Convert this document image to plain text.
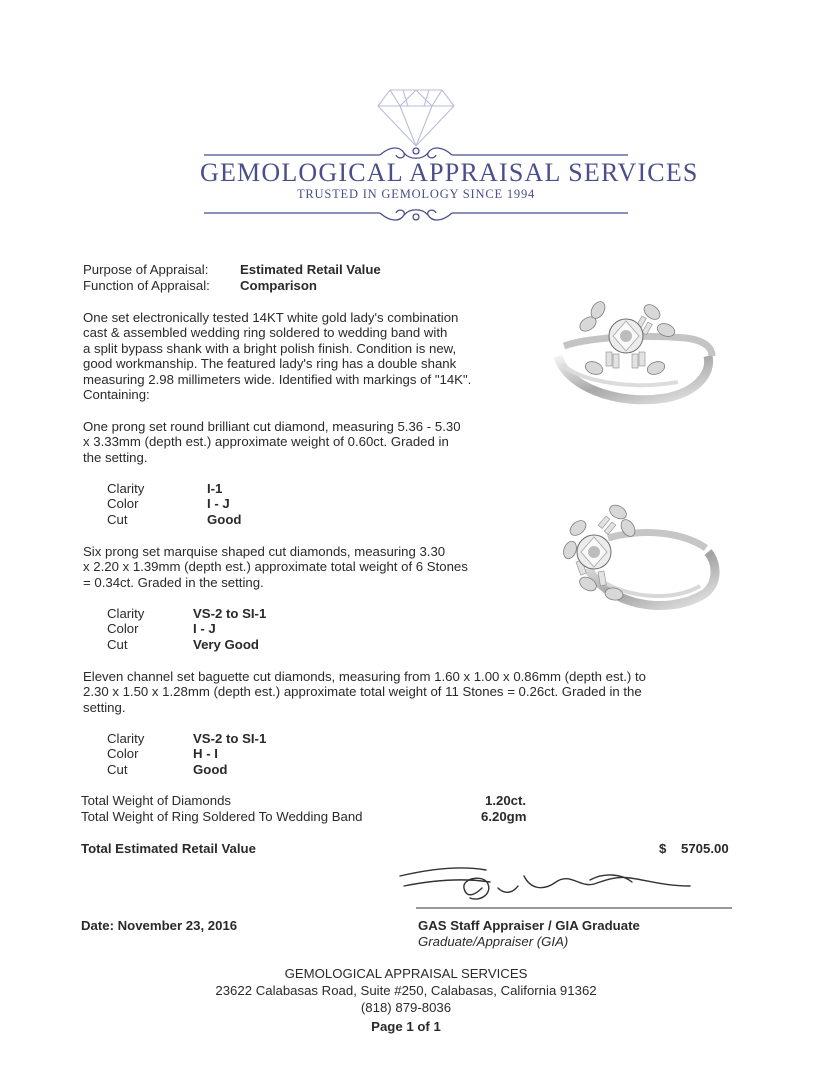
GEMOLOGICAL APPRAISAL SERVICES
TRUSTED IN GEMOLOGY SINCE 1994
Purpose of Appraisal: Estimated Retail Value
Function of Appraisal: Comparison
One set electronically tested 14KT white gold lady's combination
cast & assembled wedding ring soldered to wedding band with
a split bypass shank with a bright polish finish. Condition is new,
good workmanship. The featured lady's ring has a double shank
measuring 2.98 millimeters wide. Identified with markings of "14K".
Containing:
One prong set round brilliant cut diamond, measuring 5.36 - 5.30
x 3.33mm (depth est.) approximate weight of 0.60ct. Graded in
the setting.
Clarity	I-1
Color	I - J
Cut	Good
Six prong set marquise shaped cut diamonds, measuring 3.30
x 2.20 x 1.39mm (depth est.) approximate total weight of 6 Stones
= 0.34ct. Graded in the setting.
Clarity	VS-2 to SI-1
Color	I - J
Cut	Very Good
Eleven channel set baguette cut diamonds, measuring from 1.60 x 1.00 x 0.86mm (depth est.) to
2.30 x 1.50 x 1.28mm (depth est.) approximate total weight of 11 Stones = 0.26ct. Graded in the
setting.
Clarity	VS-2 to SI-1
Color	H - I
Cut	Good
Total Weight of Diamonds	1.20ct.
Total Weight of Ring Soldered To Wedding Band	6.20gm
Total Estimated Retail Value	$ 5705.00
Date: November 23, 2016	GAS Staff Appraiser / GIA Graduate
Graduate/Appraiser (GIA)
GEMOLOGICAL APPRAISAL SERVICES
23622 Calabasas Road, Suite #250, Calabasas, California 91362
(818) 879-8036
Page 1 of 1
